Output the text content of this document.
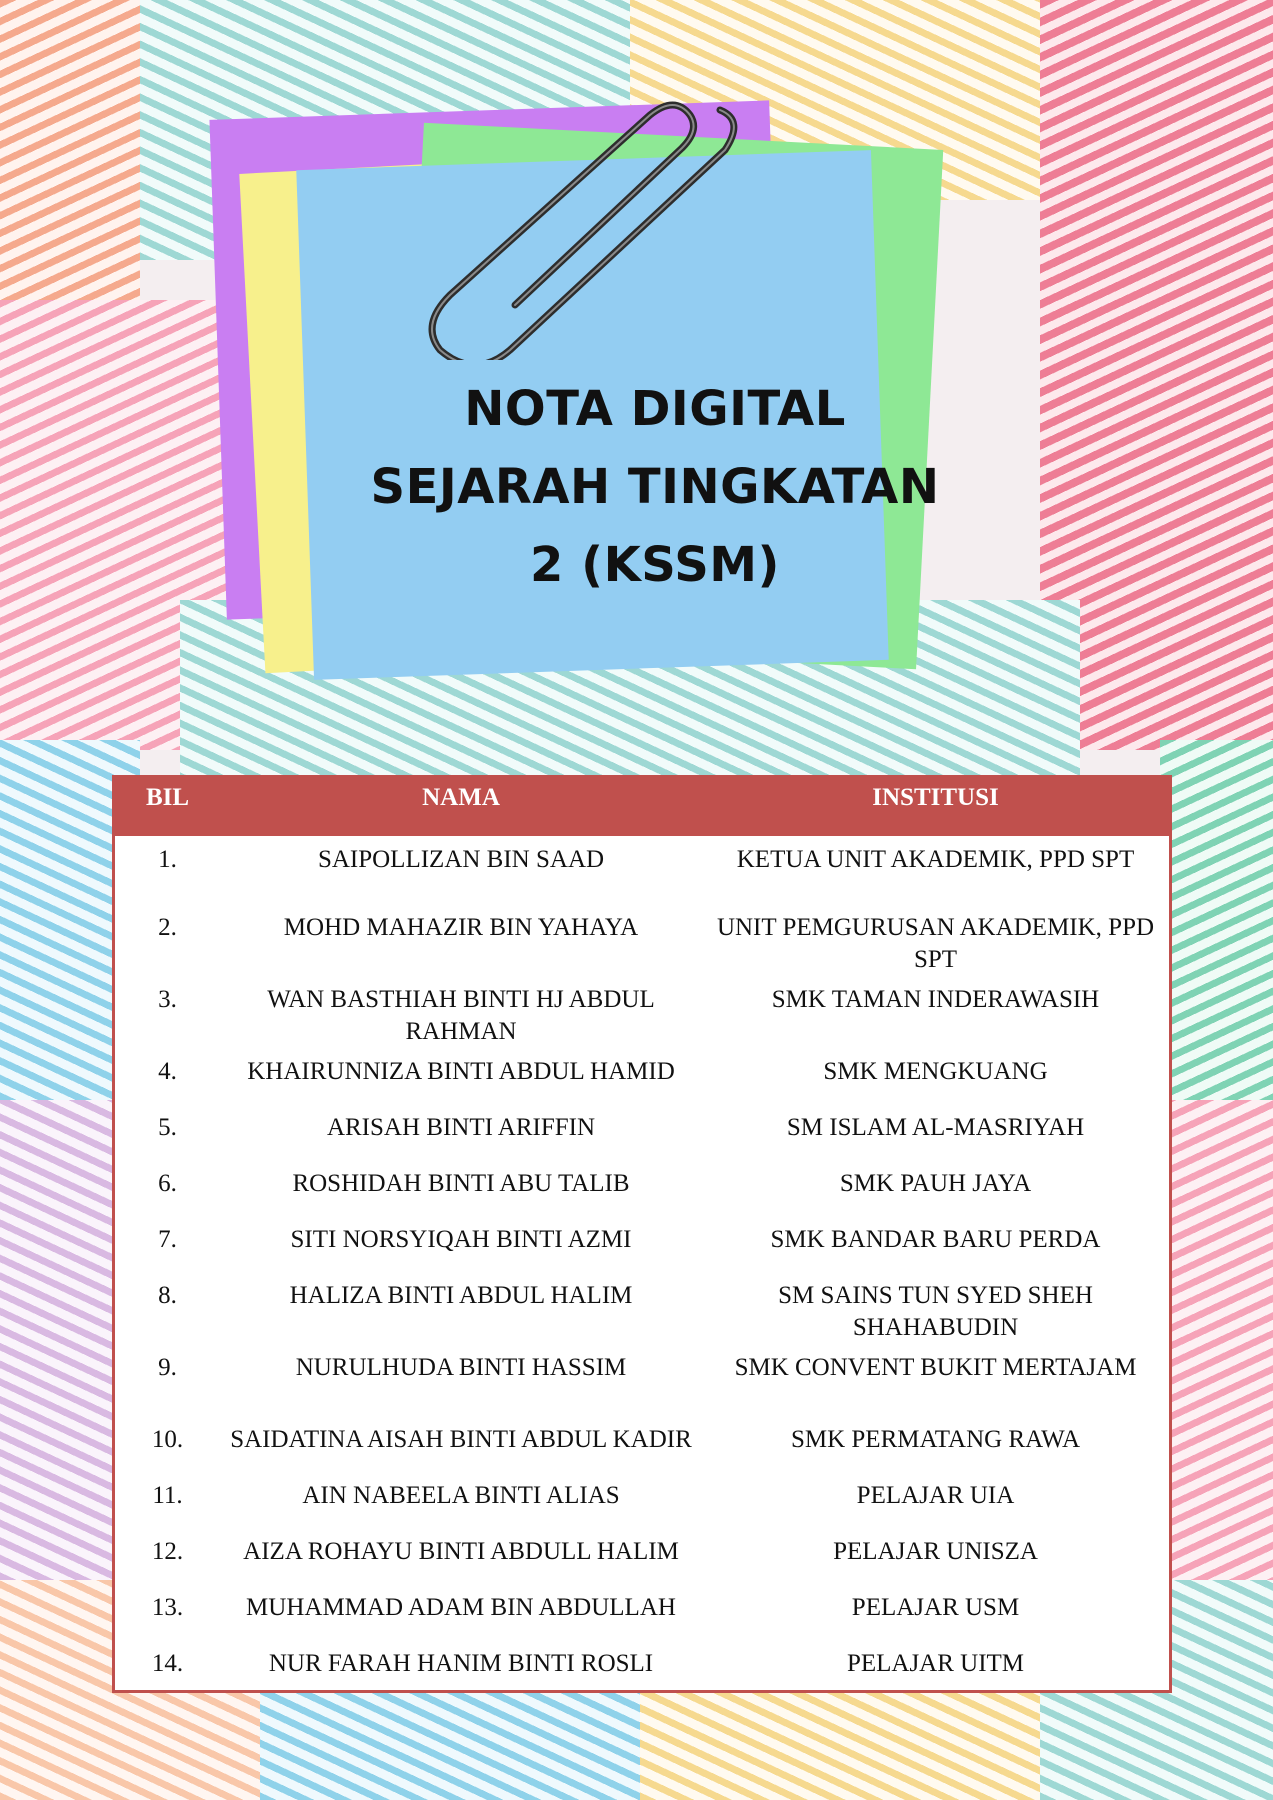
NOTA DIGITAL
SEJARAH TINGKATAN
2 (KSSM)
BIL	NAMA	INSTITUSI
1.	SAIPOLLIZAN BIN SAAD	KETUA UNIT AKADEMIK, PPD SPT
2.	MOHD MAHAZIR BIN YAHAYA	UNIT PEMGURUSAN AKADEMIK, PPD SPT
3.	WAN BASTHIAH BINTI HJ ABDUL RAHMAN	SMK TAMAN INDERAWASIH
4.	KHAIRUNNIZA BINTI ABDUL HAMID	SMK MENGKUANG
5.	ARISAH BINTI ARIFFIN	SM ISLAM AL-MASRIYAH
6.	ROSHIDAH BINTI ABU TALIB	SMK PAUH JAYA
7.	SITI NORSYIQAH BINTI AZMI	SMK BANDAR BARU PERDA
8.	HALIZA BINTI ABDUL HALIM	SM SAINS TUN SYED SHEH SHAHABUDIN
9.	NURULHUDA BINTI HASSIM	SMK CONVENT BUKIT MERTAJAM
10.	SAIDATINA AISAH BINTI ABDUL KADIR	SMK PERMATANG RAWA
11.	AIN NABEELA BINTI ALIAS	PELAJAR UIA
12.	AIZA ROHAYU BINTI ABDULL HALIM	PELAJAR UNISZA
13.	MUHAMMAD ADAM BIN ABDULLAH	PELAJAR USM
14.	NUR FARAH HANIM BINTI ROSLI	PELAJAR UITM
